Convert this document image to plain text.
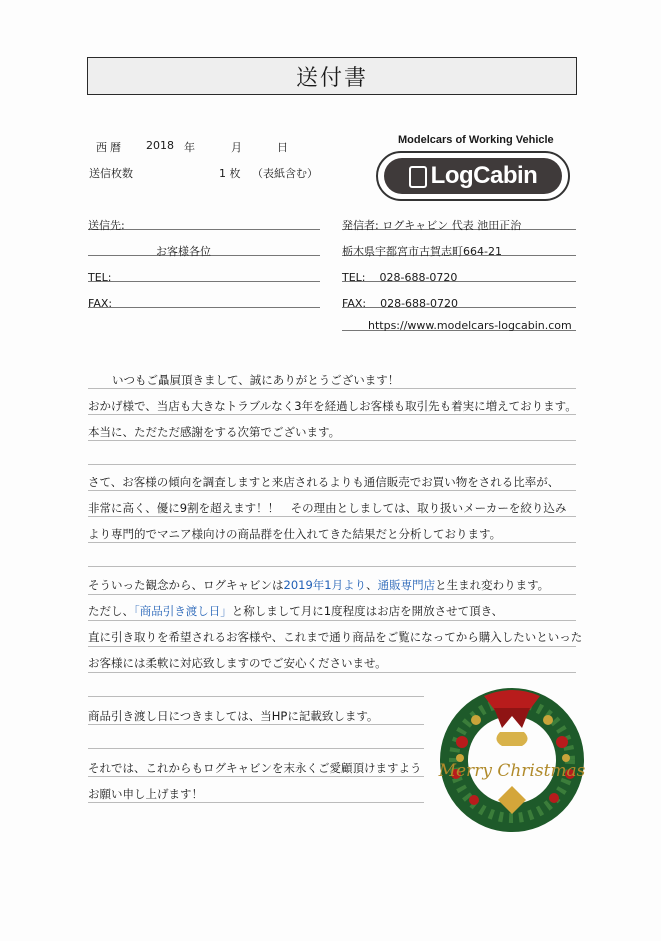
送付書
西暦 2018 年	月	日
送信枚数	1 枚 （表紙含む）
Modelcars of Working Vehicle
LogCabin
送信先:
お客様各位
TEL:
FAX:
発信者: ログキャビン 代表 池田正治
栃木県宇都宮市古賀志町664-21
TEL:    028-688-0720
FAX:    028-688-0720
https://www.modelcars-logcabin.com
いつもご贔屓頂きまして、誠にありがとうございます！
おかげ様で、当店も大きなトラブルなく3年を経過しお客様も取引先も着実に増えております。
本当に、ただただ感謝をする次第でございます。
さて、お客様の傾向を調査しますと来店されるよりも通信販売でお買い物をされる比率が、
非常に高く、優に9割を超えます！！　その理由としましては、取り扱いメーカーを絞り込み
より専門的でマニア様向けの商品群を仕入れてきた結果だと分析しております。
そういった観念から、ログキャビンは2019年1月より、通販専門店と生まれ変わります。
ただし、「商品引き渡し日」と称しまして月に1度程度はお店を開放させて頂き、
直に引き取りを希望されるお客様や、これまで通り商品をご覧になってから購入したいといった
お客様には柔軟に対応致しますのでご安心くださいませ。
商品引き渡し日につきましては、当HPに記載致します。
それでは、これからもログキャビンを末永くご愛顧頂けますよう
お願い申し上げます！
Merry Christmas
